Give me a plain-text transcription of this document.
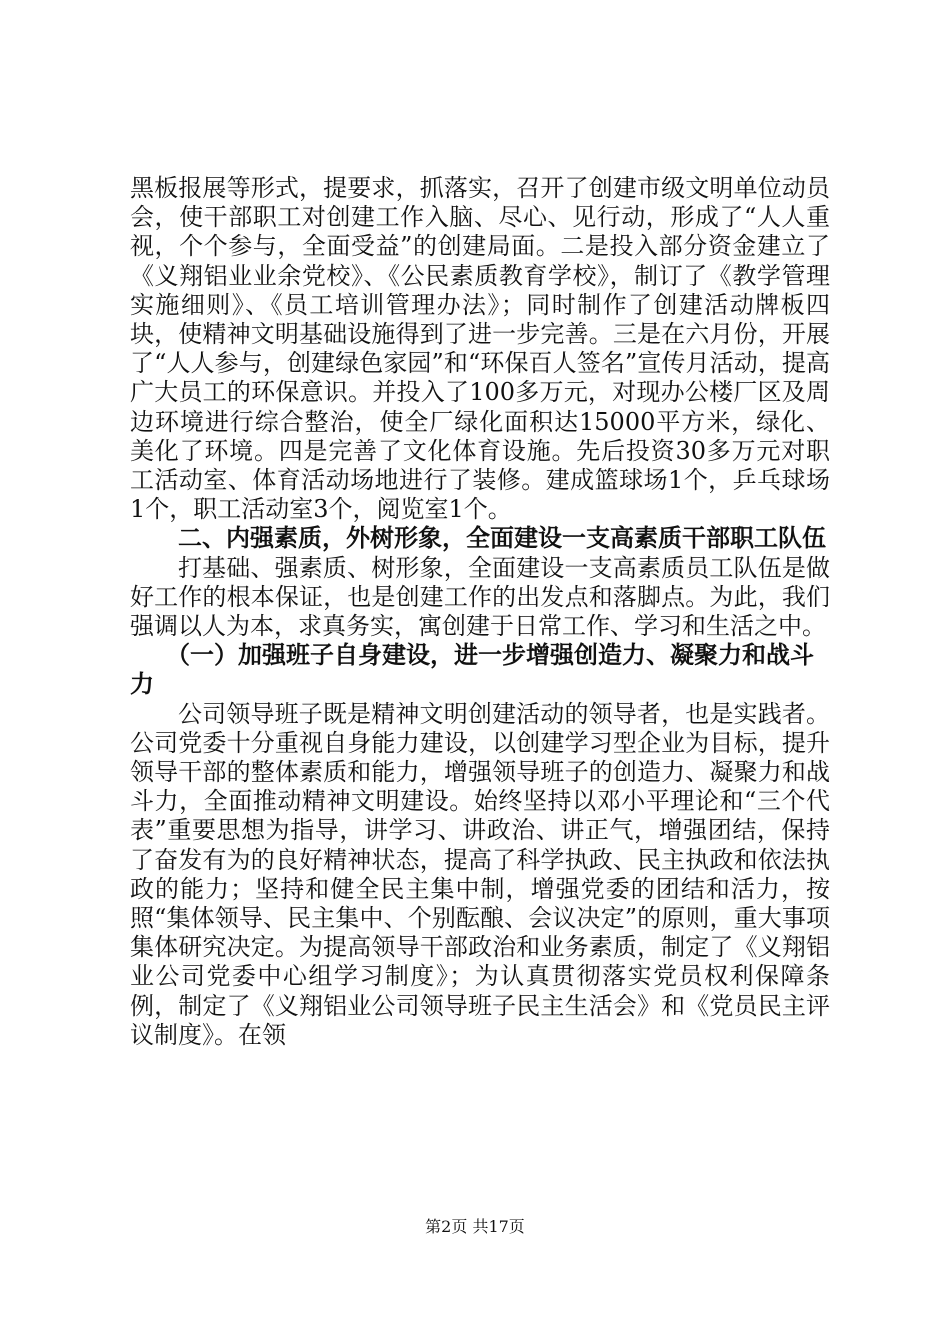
黑板报展等形式，提要求，抓落实，召开了创建市级文明单位动员会，使干部职工对创建工作入脑、尽心、见行动，形成了“人人重视，个个参与，全面受益”的创建局面。二是投入部分资金建立了《义翔铝业业余党校》、《公民素质教育学校》，制订了《教学管理实施细则》、《员工培训管理办法》；同时制作了创建活动牌板四块，使精神文明基础设施得到了进一步完善。三是在六月份，开展了“人人参与，创建绿色家园”和“环保百人签名”宣传月活动，提高广大员工的环保意识。并投入了100多万元，对现办公楼厂区及周边环境进行综合整治，使全厂绿化面积达15000平方米，绿化、美化了环境。四是完善了文化体育设施。先后投资30多万元对职工活动室、体育活动场地进行了装修。建成篮球场1个，乒乓球场1个，职工活动室3个，阅览室1个。

二、内强素质，外树形象，全面建设一支高素质干部职工队伍

打基础、强素质、树形象，全面建设一支高素质员工队伍是做好工作的根本保证，也是创建工作的出发点和落脚点。为此，我们强调以人为本，求真务实，寓创建于日常工作、学习和生活之中。

（一）加强班子自身建设，进一步增强创造力、凝聚力和战斗力

公司领导班子既是精神文明创建活动的领导者，也是实践者。公司党委十分重视自身能力建设，以创建学习型企业为目标，提升领导干部的整体素质和能力，增强领导班子的创造力、凝聚力和战斗力，全面推动精神文明建设。始终坚持以邓小平理论和“三个代表”重要思想为指导，讲学习、讲政治、讲正气，增强团结，保持了奋发有为的良好精神状态，提高了科学执政、民主执政和依法执政的能力；坚持和健全民主集中制，增强党委的团结和活力，按照“集体领导、民主集中、个别酝酿、会议决定”的原则，重大事项集体研究决定。为提高领导干部政治和业务素质，制定了《义翔铝业公司党委中心组学习制度》；为认真贯彻落实党员权利保障条例，制定了《义翔铝业公司领导班子民主生活会》和《党员民主评议制度》。在领

第2页 共17页
